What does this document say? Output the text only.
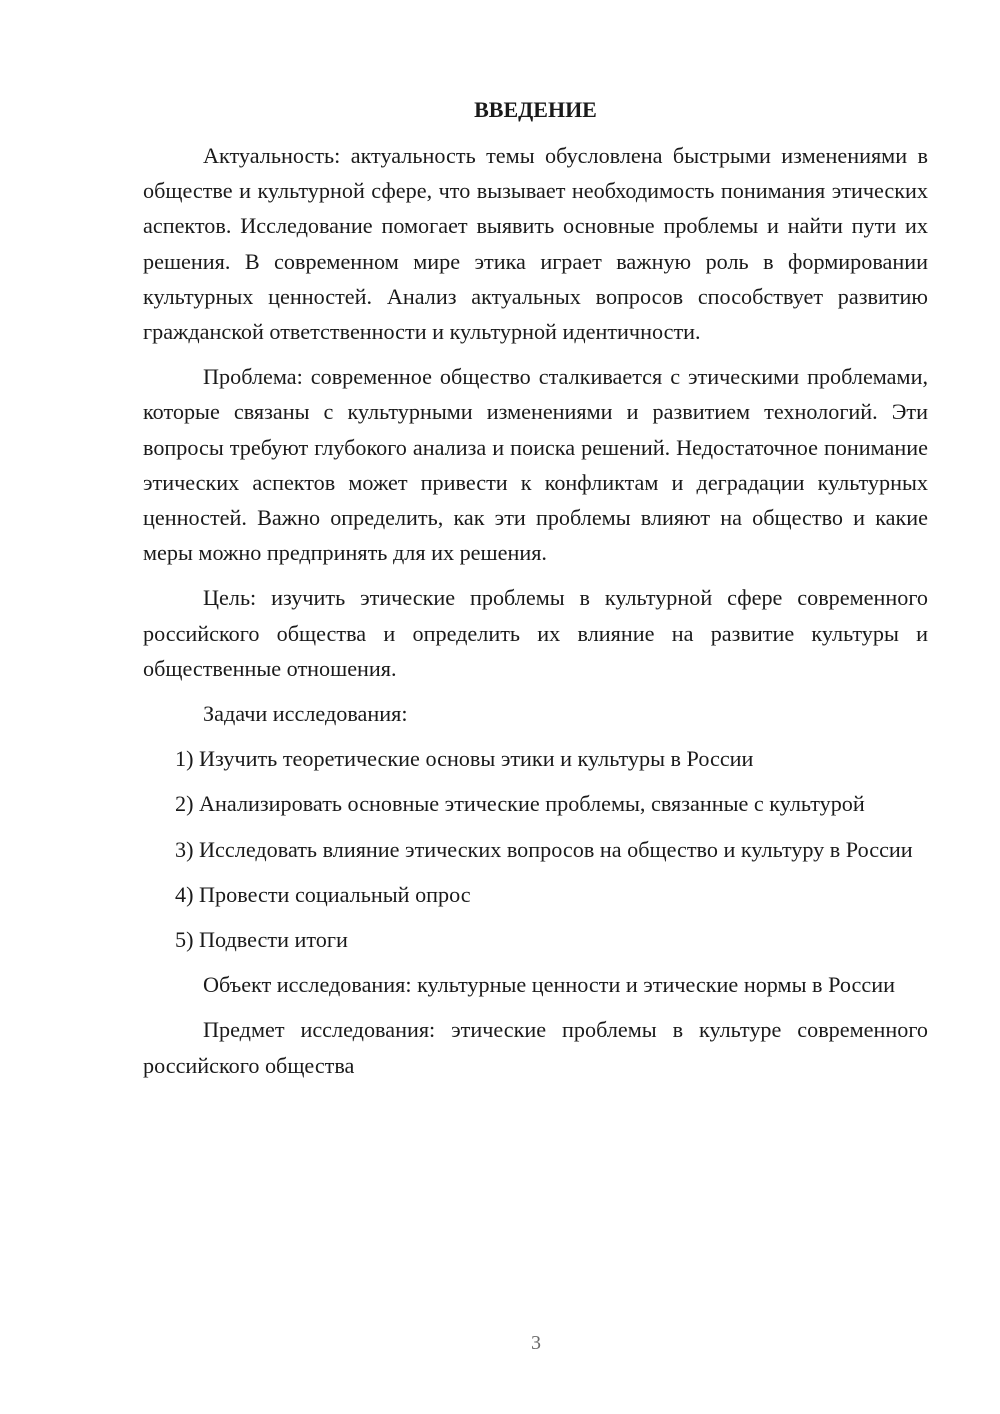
ВВЕДЕНИЕ

Актуальность: актуальность темы обусловлена быстрыми изменениями в обществе и культурной сфере, что вызывает необходимость понимания этических аспектов. Исследование помогает выявить основные проблемы и найти пути их решения. В современном мире этика играет важную роль в формировании культурных ценностей. Анализ актуальных вопросов способствует развитию гражданской ответственности и культурной идентичности.

Проблема: современное общество сталкивается с этическими проблемами, которые связаны с культурными изменениями и развитием технологий. Эти вопросы требуют глубокого анализа и поиска решений. Недостаточное понимание этических аспектов может привести к конфликтам и деградации культурных ценностей. Важно определить, как эти проблемы влияют на общество и какие меры можно предпринять для их решения.

Цель: изучить этические проблемы в культурной сфере современного российского общества и определить их влияние на развитие культуры и общественные отношения.

Задачи исследования:

1) Изучить теоретические основы этики и культуры в России

2) Анализировать основные этические проблемы, связанные с культурой

3) Исследовать влияние этических вопросов на общество и культуру в России

4) Провести социальный опрос

5) Подвести итоги

Объект исследования: культурные ценности и этические нормы в России

Предмет исследования: этические проблемы в культуре современного российского общества

3
